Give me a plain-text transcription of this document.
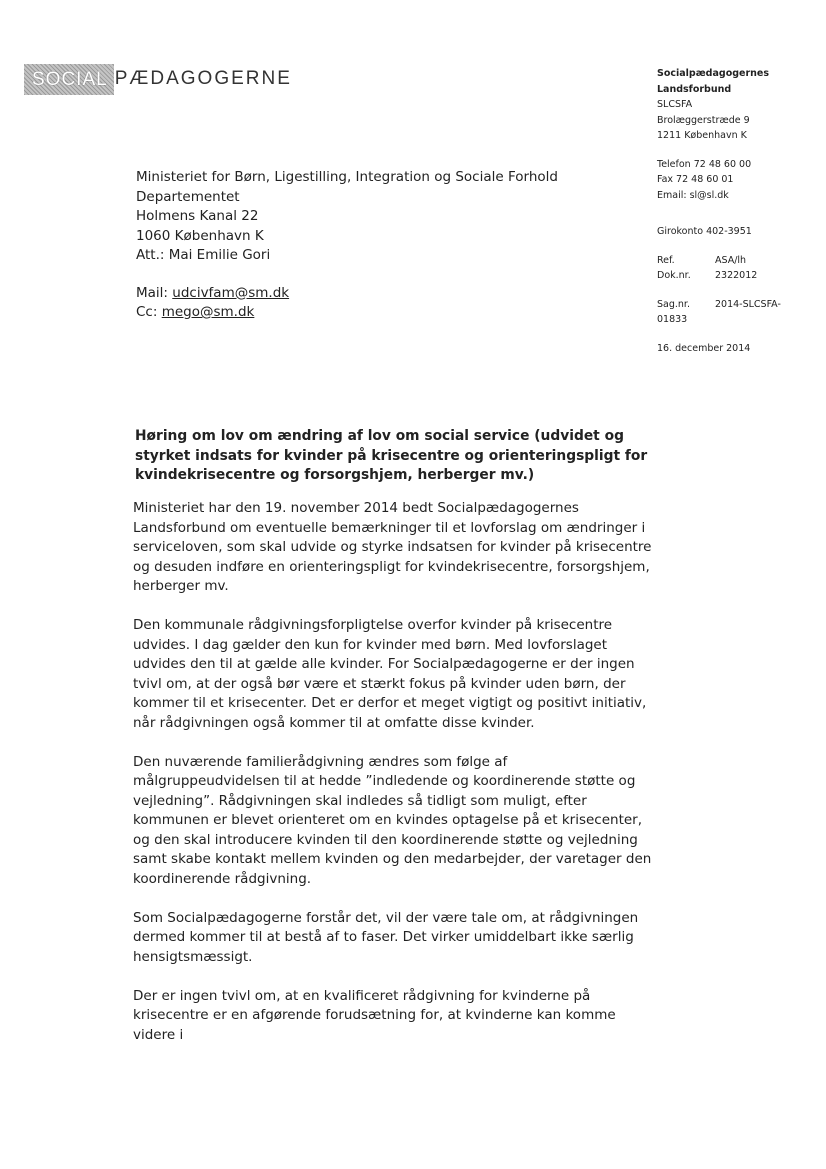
SOCIAL PÆDAGOGERNE	Socialpædagogernes
Landsforbund
SLCSFA
Brolæggerstræde 9
1211 København K
Telefon 72 48 60 00
Fax 72 48 60 01
Email: sl@sl.dk
Girokonto 402-3951
Ref.	ASA/lh
Dok.nr.	2322012
Sag.nr.	2014-SLCSFA-
01833
16. december 2014
Ministeriet for Børn, Ligestilling, Integration og Sociale Forhold
Departementet
Holmens Kanal 22
1060 København K
Att.: Mai Emilie Gori
Mail: udcivfam@sm.dk
Cc: mego@sm.dk
Høring om lov om ændring af lov om social service (udvidet og styrket indsats for kvinder på krisecentre og orienteringspligt for kvindekrisecentre og forsorgshjem, herberger mv.)

Ministeriet har den 19. november 2014 bedt Socialpædagogernes Landsforbund om eventuelle bemærkninger til et lovforslag om ændringer i serviceloven, som skal udvide og styrke indsatsen for kvinder på krisecentre og desuden indføre en orienteringspligt for kvindekrisecentre, forsorgshjem, herberger mv.

Den kommunale rådgivningsforpligtelse overfor kvinder på krisecentre udvides. I dag gælder den kun for kvinder med børn. Med lovforslaget udvides den til at gælde alle kvinder. For Socialpædagogerne er der ingen tvivl om, at der også bør være et stærkt fokus på kvinder uden børn, der kommer til et krisecenter. Det er derfor et meget vigtigt og positivt initiativ, når rådgivningen også kommer til at omfatte disse kvinder.

Den nuværende familierådgivning ændres som følge af målgruppeudvidelsen til at hedde ”indledende og koordinerende støtte og vejledning”. Rådgivningen skal indledes så tidligt som muligt, efter kommunen er blevet orienteret om en kvindes optagelse på et krisecenter, og den skal introducere kvinden til den koordinerende støtte og vejledning samt skabe kontakt mellem kvinden og den medarbejder, der varetager den koordinerende rådgivning.

Som Socialpædagogerne forstår det, vil der være tale om, at rådgivningen dermed kommer til at bestå af to faser. Det virker umiddelbart ikke særlig hensigtsmæssigt.

Der er ingen tvivl om, at en kvalificeret rådgivning for kvinderne på krisecentre er en afgørende forudsætning for, at kvinderne kan komme videre i
